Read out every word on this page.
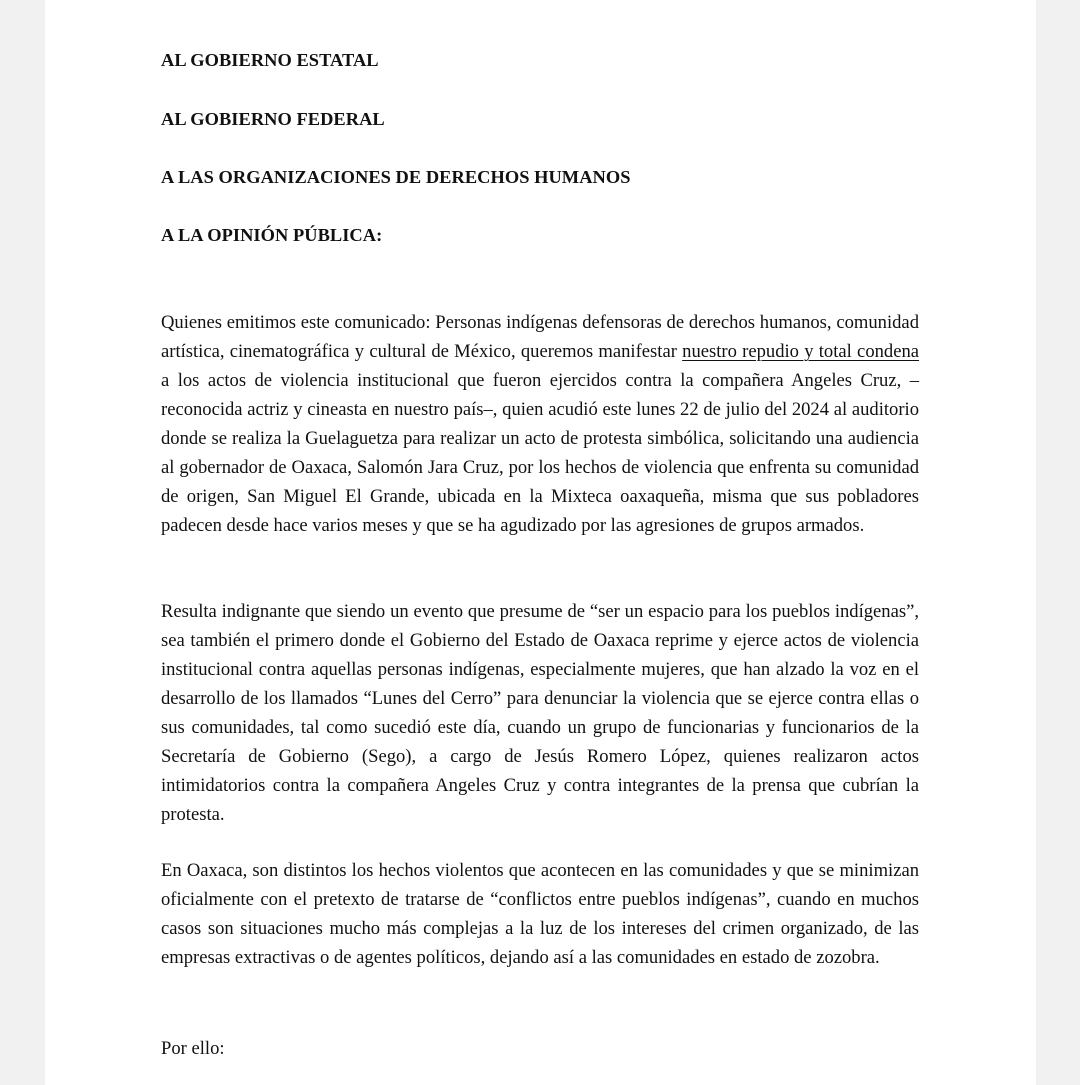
AL GOBIERNO ESTATAL

AL GOBIERNO FEDERAL

A LAS ORGANIZACIONES DE DERECHOS HUMANOS

A LA OPINIÓN PÚBLICA:

Quienes emitimos este comunicado: Personas indígenas defensoras de derechos humanos, comunidad artística, cinematográfica y cultural de México, queremos manifestar nuestro repudio y total condena a los actos de violencia institucional que fueron ejercidos contra la compañera Angeles Cruz, –reconocida actriz y cineasta en nuestro país–, quien acudió este lunes 22 de julio del 2024 al auditorio donde se realiza la Guelaguetza para realizar un acto de protesta simbólica, solicitando una audiencia al gobernador de Oaxaca, Salomón Jara Cruz, por los hechos de violencia que enfrenta su comunidad de origen, San Miguel El Grande, ubicada en la Mixteca oaxaqueña, misma que sus pobladores padecen desde hace varios meses y que se ha agudizado por las agresiones de grupos armados.

Resulta indignante que siendo un evento que presume de “ser un espacio para los pueblos indígenas”, sea también el primero donde el Gobierno del Estado de Oaxaca reprime y ejerce actos de violencia institucional contra aquellas personas indígenas, especialmente mujeres, que han alzado la voz en el desarrollo de los llamados “Lunes del Cerro” para denunciar la violencia que se ejerce contra ellas o sus comunidades, tal como sucedió este día, cuando un grupo de funcionarias y funcionarios de la Secretaría de Gobierno (Sego), a cargo de Jesús Romero López, quienes realizaron actos intimidatorios contra la compañera Angeles Cruz y contra integrantes de la prensa que cubrían la protesta.

En Oaxaca, son distintos los hechos violentos que acontecen en las comunidades y que se minimizan oficialmente con el pretexto de tratarse de “conflictos entre pueblos indígenas”, cuando en muchos casos son situaciones mucho más complejas a la luz de los intereses del crimen organizado, de las empresas extractivas o de agentes políticos, dejando así a las comunidades en estado de zozobra.

Por ello:
